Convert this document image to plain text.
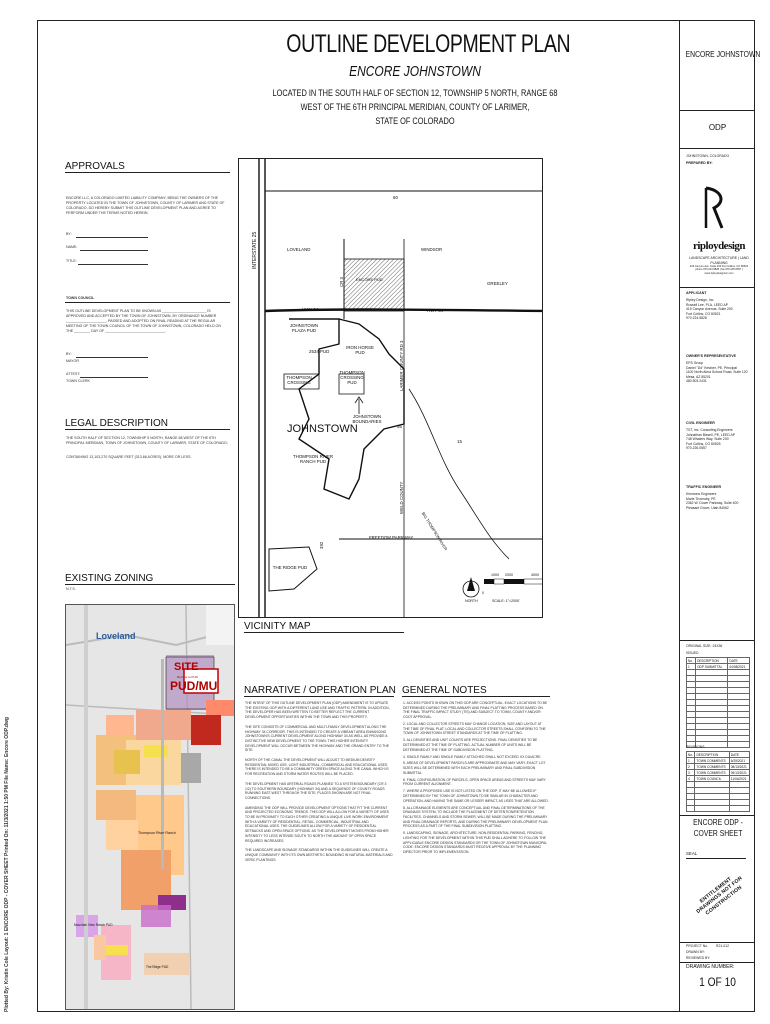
Plotted By: Kristin Cole Layout: 1 ENCORE ODP - COVER SHEET Printed On: 11/3/2021 1:50 PM File Name: Encore ODP.dwg
OUTLINE DEVELOPMENT PLAN
ENCORE JOHNSTOWN
LOCATED IN THE SOUTH HALF OF SECTION 12, TOWNSHIP 5 NORTH, RANGE 68
WEST OF THE 6TH PRINCIPAL MERIDIAN, COUNTY OF LARIMER,
STATE OF COLORADO
APPROVALS
ENCORE LLC, A COLORADO LIMITED LIABILITY COMPANY, BEING THE OWNERS OF THE PROPERTY LOCATED IN THE TOWN OF JOHNSTOWN, COUNTY OF LARIMER AND STATE OF COLORADO, DO HEREBY SUBMIT THIS OUTLINE DEVELOPMENT PLAN AND AGREE TO PERFORM UNDER THE TERMS NOTED HEREIN.
BY:
NAME:
TITLE:
TOWN COUNCIL
THIS OUTLINE DEVELOPMENT PLAN TO BE KNOWN AS ______________________ IS APPROVED AND ACCEPTED BY THE TOWN OF JOHNSTOWN, BY ORDINANCE NUMBER ____________________, PASSED AND ADOPTED ON FINAL READING AT THE REGULAR MEETING OF THE TOWN COUNCIL OF THE TOWN OF JOHNSTOWN, COLORADO HELD ON THE ________ DAY OF ______________________________.
BY:
MAYOR
ATTEST:
TOWN CLERK
LEGAL DESCRIPTION
THE SOUTH HALF OF SECTION 12, TOWNSHIP 5 NORTH, RANGE 68 WEST OF THE 6TH PRINCIPAL MERIDIAN, TOWN OF JOHNSTOWN, COUNTY OF LARIMER, STATE OF COLORADO;
CONTAINING 13,103,270 SQUARE FEET (313.66 ACRES), MORE OR LESS.
EXISTING ZONING
N.T.S.
Loveland
SITE
Rezone to PUD
PUD/MU
Thompson River Ranch
Mountain View Ranch PUD
The Ridge PUD
INTERSTATE 25	LOVELAND	WINDSOR
GREELEY
ENCORE PUD
HWY 34	HWY 34
JOHNSTOWN PLAZA PUD
2534 PUD
IRON HORSE PUD
THOMPSON CROSSING
THOMPSON CROSSING PUD
JOHNSTOWN
JOHNSTOWN BOUNDARIES
THOMPSON RIVER RANCH PUD
FREEDOM PARKWAY
THE RIDGE PUD
LARIMER COUNTY RD 3
WELD COUNTY
BIG THOMPSON RIVER
60
15
56
CR 3
392
NORTH
0
1000 2000	4000
SCALE: 1"=2000'
VICINITY MAP
NARRATIVE / OPERATION PLAN
THE INTENT OF THIS OUTLINE DEVELOPMENT PLAN (ODP) AMENDMENT IS TO UPDATE THE EXISTING ODP WITH A DIFFERENT LAND USE AND TRAFFIC PATTERN. IN ADDITION, THE DEVELOPER HAS BEEN WRITTEN TO BETTER REFLECT THE CURRENT DEVELOPMENT OPPORTUNITIES WITHIN THE TOWN AND THIS PROPERTY.
THE SITE CONSISTS OF COMMERCIAL AND MULTI-FAMILY DEVELOPMENT ALONG THE HIGHWAY 34 CORRIDOR. THIS IS INTENDED TO CREATE A VIBRANT AREA ENHANCING JOHNSTOWN'S CURRENT DEVELOPMENT ALONG HIGHWAY 34 AS WELL AS PROVIDE A DISTINCTIVE NEW DEVELOPMENT TO THE TOWN. THIS HIGHER INTENSITY DEVELOPMENT WILL OCCUR BETWEEN THE HIGHWAY AND THE GRAND ENTRY TO THE SITE.
NORTH OF THE CANAL THE DEVELOPMENT WILL ADJUST TO MEDIUM DENSITY RESIDENTIAL MIXED USE, LIGHT INDUSTRIAL, COMMERCIAL AND EDUCATIONAL USES. THERE IS INTENDED TO BE A COMMUNITY GREEN SPACE ALONG THE CANAL WHICH IS FOR RECREATION AND STORM WATER ROUTES WILL BE PLACED.
THE DEVELOPMENT HAS ARTERIAL ROADS PLANNED TO A SYSTEM BOUNDARY (CR 3 1/2) TO SOUTHERN BOUNDARY (HIGHWAY 34) AND A SEQUENCE OF COUNTY ROADS RUNNING EAST-WEST THROUGH THE SITE, PLACES SHOWN ARE NOT FINAL CONNECTIONS.
AMENDING THE ODP WILL PROVIDE DEVELOPMENT OPTIONS THAT FIT THE CURRENT AND PROJECTED ECONOMIC TRENDS. THIS ODP WILL ALLOW FOR A VARIETY OF USES TO BE IN PROXIMITY TO EACH OTHER CREATING A UNIQUE LIVE WORK ENVIRONMENT WITH A VARIETY OF RESIDENTIAL, RETAIL, COMMERCIAL, INDUSTRIAL AND EDUCATIONAL USES. THE GUIDELINES ALLOW FOR A VARIETY OF RESIDENTIAL SETBACKS AND OPEN SPACE OPTIONS. AS THE DEVELOPMENT MOVES FROM HIGHER INTENSITY TO LESS INTENSE SOUTH TO NORTH THE AMOUNT OF OPEN SPACE REQUIRED INCREASES.
THE LANDSCAPE AND SIGNAGE STANDARDS WITHIN THE GUIDELINES WILL CREATE A UNIQUE COMMUNITY WITH ITS OWN AESTHETIC BOUNDING IN NATURAL MATERIALS AND XERIC PLANTINGS.
GENERAL NOTES
1. ACCESS POINTS SHOWN ON THIS ODP ARE CONCEPTUAL. EXACT LOCATIONS TO BE DETERMINED DURING THE PRELIMINARY AND FINAL PLATTING PROCESS BASED ON THE FINAL TRAFFIC IMPACT STUDY (TIS) AND SUBJECT TO TOWN, COUNTY AND/OR CDOT APPROVAL.
2. LOCAL AND COLLECTOR STREETS MAY CHANGE LOCATION, SIZE AND LAYOUT AT THE TIME OF FINAL PLAT. LOCAL AND COLLECTOR STREETS SHALL CONFORM TO THE TOWN OF JOHNSTOWN STREET STANDARDS AT THE TIME OF PLATTING.
3. ALL DENSITIES AND UNIT COUNTS ARE PROJECTIONS. FINAL DENSITIES TO BE DETERMINED AT THE TIME OF PLATTING. ACTUAL NUMBER OF UNITS WILL BE DETERMINED AT THE TIME OF SUBDIVISION PLATTING.
4. SINGLE FAMILY AND SINGLE FAMILY ATTACHED SHALL NOT EXCEED XX DU/ACRE.
5. AREAS OF DEVELOPMENT PARCELS ARE APPROXIMATE AND MAY VARY. EXACT LOT SIZES WILL BE DETERMINED WITH EACH PRELIMINARY AND FINAL SUBDIVISION SUBMITTAL.
6. FINAL CONFIGURATION OF PARCELS, OPEN SPACE AREAS AND STREETS MAY VARY FROM CURRENT ALIGNMENT.
7. WHERE A PROPOSED USE IS NOT LISTED ON THE ODP, IT MAY BE ALLOWED IF DETERMINED BY THE TOWN OF JOHNSTOWN TO BE SIMILAR IN CHARACTER AND OPERATION, AND HAVING THE SAME OR LESSER IMPACT, AS USES THAT ARE ALLOWED.
8. ALL DRAINAGE ELEMENTS ARE CONCEPTUAL AND FINAL DETERMINATIONS OF THE DRAINAGE SYSTEM, TO INCLUDE THE PLACEMENT OF DETENTION/RETENTION FACILITIES, CHANNELS AND STORM SEWER, WILL BE MADE DURING THE PRELIMINARY AND FINAL DRAINAGE REPORTS, AND DURING THE PRELIMINARY DEVELOPMENT PLAN PROCESS AS A PART OF THE FINAL SUBDIVISION PLATTING.
9. LANDSCAPING, SIGNAGE, ARCHITECTURE, NON-RESIDENTIAL PARKING, FENCING, LIGHTING FOR THE DEVELOPMENT WITHIN THIS PUD SHALL ADHERE TO FOLLOW THE APPLICABLE ENCORE DESIGN STANDARDS OR THE TOWN OF JOHNSTOWN MUNICIPAL CODE. ENCORE DESIGN STANDARDS MUST RECEIVE APPROVAL BY THE PLANNING DIRECTOR PRIOR TO IMPLEMENTATION.
ENCORE JOHNSTOWN
ODP
JOHNSTOWN, COLORADO
PREPARED BY:
riploydesign
LANDSCAPE ARCHITECTURE | LAND PLANNING
419 Canyon Ave. Suite 200 Fort Collins, CO 80521 phone 970.224.5828 | fax 970.225.6657 | www.ripleydesigninc.com
APPLICANT
Ripley Design, Inc.
Russell Lee, PLA, LEED AP
419 Canyon Avenue, Suite 200
Fort Collins, CO 80521
970.224.5828
OWNER'S REPRESENTATIVE
EPS Group
Daniel "Dd" Kestner, PE, Principal
1100 North Alma School Road, Suite 120
Mesa, AZ 85201
480.503.2431
CIVIL ENGINEER
TST, Inc. Consulting Engineers
Johnathan Bissell, PE, LEED AP
748 Whalers Way, Suite 200
Fort Collins, CO 80525
970.226.0557
TRAFFIC ENGINEER
Kimmons Engineers
Marie Thornsby, PE
2362 W. Dover Parkway, Suite 400
Pleasant Grove, Utah 84062
ORIGINAL SIZE: 24X36
ISSUED
No.	DESCRIPTION	DATE
1	ODP SUBMITTAL	04/08/2021

REVISIONS
No.	DESCRIPTION	DATE
1	TOWN COMMENTS	6/25/2021
2	TOWN COMMENTS	08/13/2021
3	TOWN COMMENTS	09/13/2021
4	TOWN COUNCIL	11/04/2021

ENCORE ODP - COVER SHEET
SEAL
ENTITLEMENT DRAWINGS NOT FOR CONSTRUCTION
PROJECT No. R21-012
DRAWN BY:
REVIEWED BY:
DRAWING NUMBER:
1 OF 10
